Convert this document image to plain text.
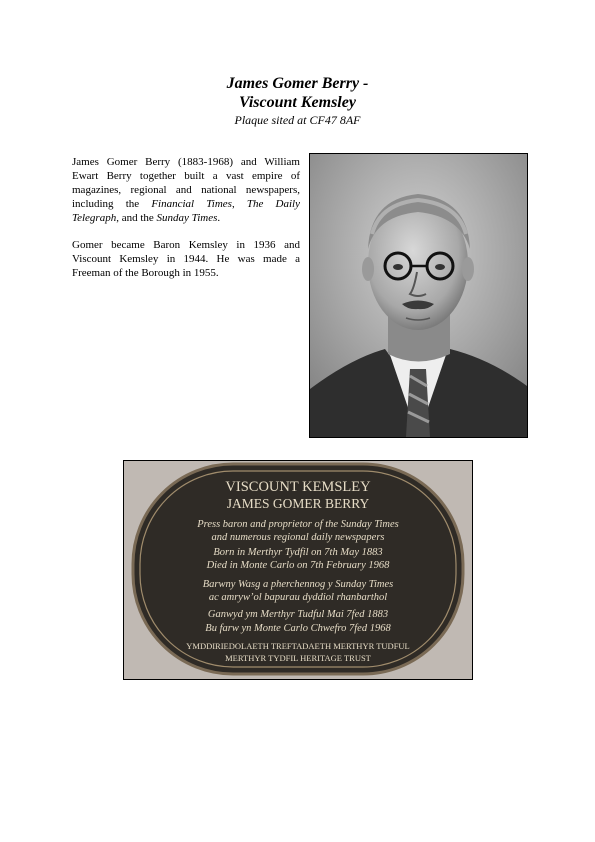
James Gomer Berry -
Viscount Kemsley
Plaque sited at CF47 8AF

James Gomer Berry (1883-1968) and William Ewart Berry together built a vast empire of magazines, regional and national newspapers, including the Financial Times, The Daily Telegraph, and the Sunday Times.

Gomer became Baron Kemsley in 1936 and Viscount Kemsley in 1944. He was made a Freeman of the Borough in 1955.

VISCOUNT KEMSLEY
JAMES GOMER BERRY
Press baron and proprietor of the Sunday Times
and numerous regional daily newspapers
Born in Merthyr Tydfil on 7th May 1883
Died in Monte Carlo on 7th February 1968
Barwny Wasg a pherchennog y Sunday Times
ac amryw’ol bapurau dyddiol rhanbarthol
Ganwyd ym Merthyr Tudful Mai 7fed 1883
Bu farw yn Monte Carlo Chwefro 7fed 1968
YMDDIRIEDOLAETH TREFTADAETH MERTHYR TUDFUL
MERTHYR TYDFIL HERITAGE TRUST
